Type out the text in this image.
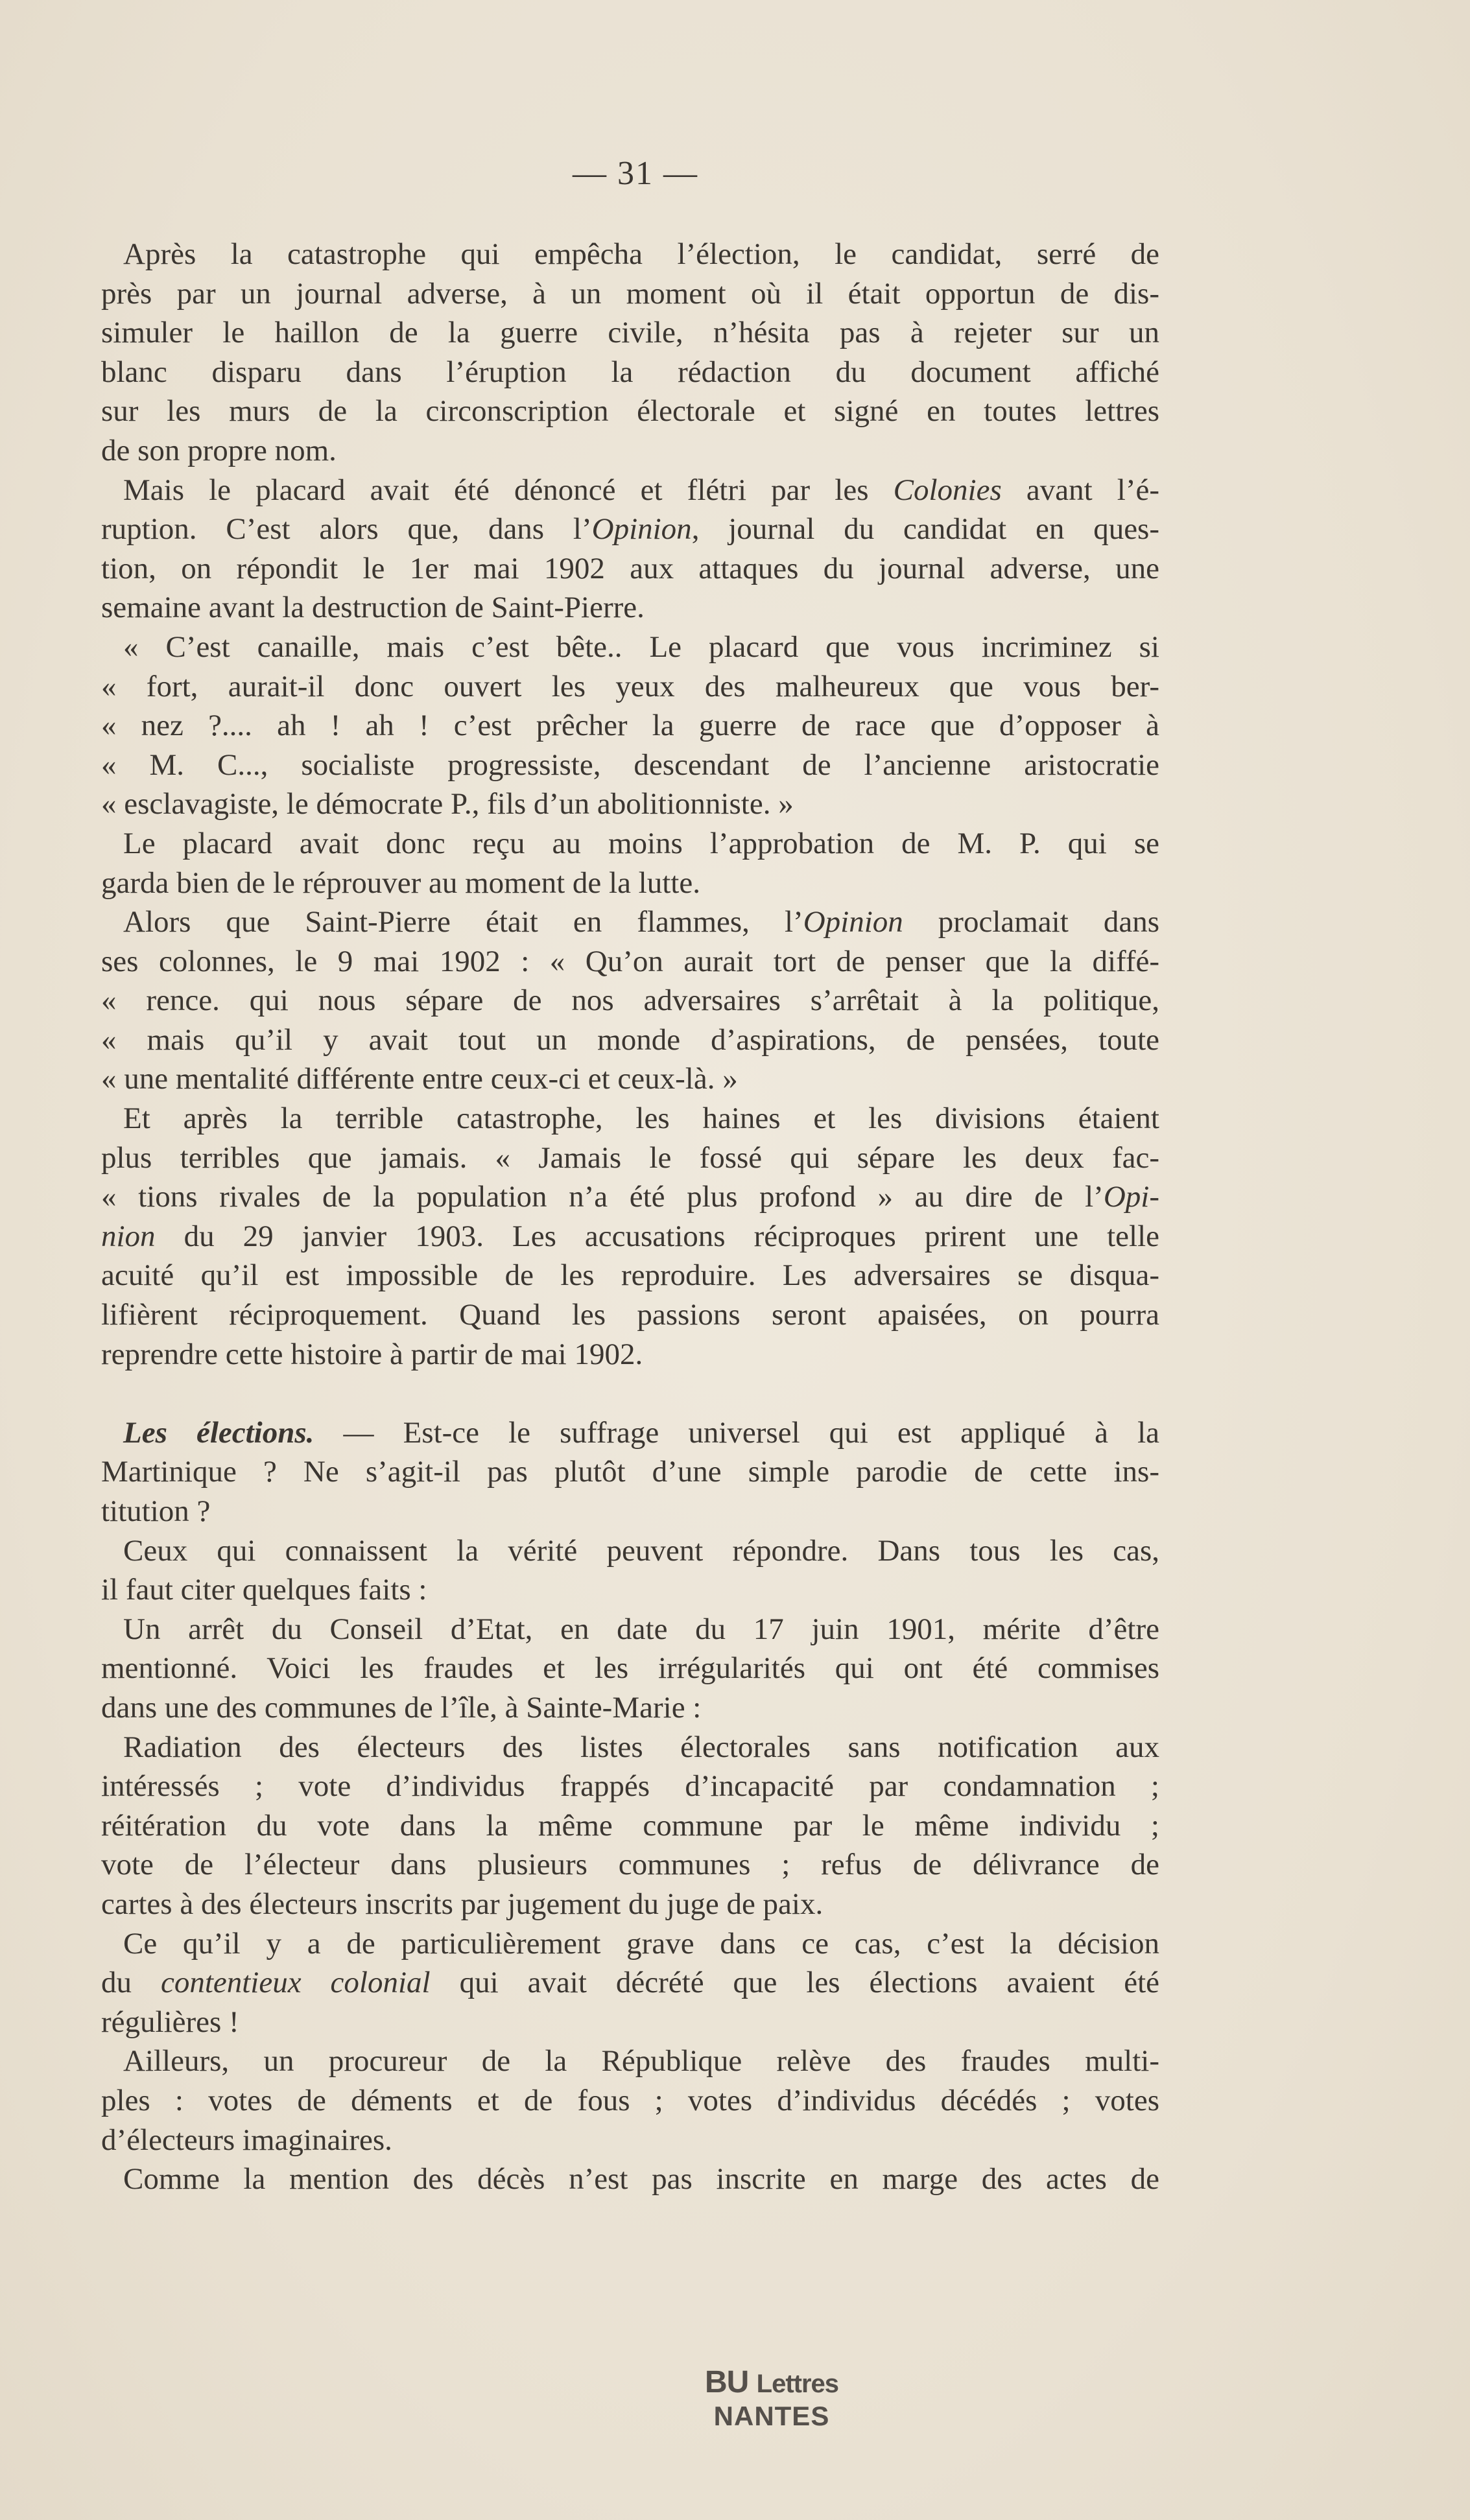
— 31 —
Après la catastrophe qui empêcha l’élection, le candidat, serré de
près par un journal adverse, à un moment où il était opportun de dis-
simuler le haillon de la guerre civile, n’hésita pas à rejeter sur un
blanc disparu dans l’éruption la rédaction du document affiché
sur les murs de la circonscription électorale et signé en toutes lettres
de son propre nom.
Mais le placard avait été dénoncé et flétri par les Colonies avant l’é-
ruption. C’est alors que, dans l’Opinion, journal du candidat en ques-
tion, on répondit le 1er mai 1902 aux attaques du journal adverse, une
semaine avant la destruction de Saint-Pierre.
« C’est canaille, mais c’est bête.. Le placard que vous incriminez si
« fort, aurait-il donc ouvert les yeux des malheureux que vous ber-
« nez ?.... ah ! ah ! c’est prêcher la guerre de race que d’opposer à
« M. C..., socialiste progressiste, descendant de l’ancienne aristocratie
« esclavagiste, le démocrate P., fils d’un abolitionniste. »
Le placard avait donc reçu au moins l’approbation de M. P. qui se
garda bien de le réprouver au moment de la lutte.
Alors que Saint-Pierre était en flammes, l’Opinion proclamait dans
ses colonnes, le 9 mai 1902 : « Qu’on aurait tort de penser que la diffé-
« rence. qui nous sépare de nos adversaires s’arrêtait à la politique,
« mais qu’il y avait tout un monde d’aspirations, de pensées, toute
« une mentalité différente entre ceux-ci et ceux-là. »
Et après la terrible catastrophe, les haines et les divisions étaient
plus terribles que jamais. « Jamais le fossé qui sépare les deux fac-
« tions rivales de la population n’a été plus profond » au dire de l’Opi-
nion du 29 janvier 1903. Les accusations réciproques prirent une telle
acuité qu’il est impossible de les reproduire. Les adversaires se disqua-
lifièrent réciproquement. Quand les passions seront apaisées, on pourra
reprendre cette histoire à partir de mai 1902.
Les élections. — Est-ce le suffrage universel qui est appliqué à la
Martinique ? Ne s’agit-il pas plutôt d’une simple parodie de cette ins-
titution ?
Ceux qui connaissent la vérité peuvent répondre. Dans tous les cas,
il faut citer quelques faits :
Un arrêt du Conseil d’Etat, en date du 17 juin 1901, mérite d’être
mentionné. Voici les fraudes et les irrégularités qui ont été commises
dans une des communes de l’île, à Sainte-Marie :
Radiation des électeurs des listes électorales sans notification aux
intéressés ; vote d’individus frappés d’incapacité par condamnation ;
réitération du vote dans la même commune par le même individu ;
vote de l’électeur dans plusieurs communes ; refus de délivrance de
cartes à des électeurs inscrits par jugement du juge de paix.
Ce qu’il y a de particulièrement grave dans ce cas, c’est la décision
du contentieux colonial qui avait décrété que les élections avaient été
régulières !
Ailleurs, un procureur de la République relève des fraudes multi-
ples : votes de déments et de fous ; votes d’individus décédés ; votes
d’électeurs imaginaires.
Comme la mention des décès n’est pas inscrite en marge des actes de
BU Lettres
NANTES
